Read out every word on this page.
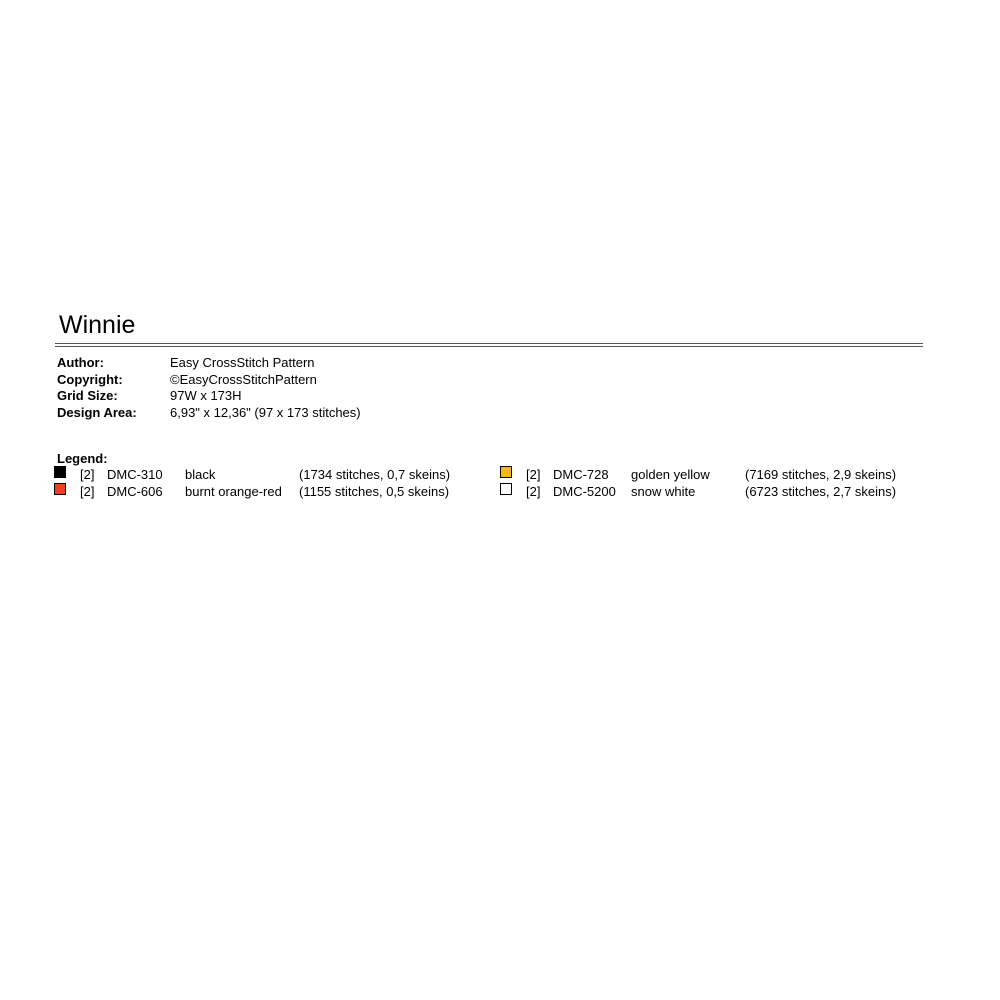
Winnie
Author:	Easy CrossStitch Pattern
Copyright:	©EasyCrossStitchPattern
Grid Size:	97W x 173H
Design Area:	6,93" x 12,36" (97 x 173 stitches)
Legend:
[2] DMC-310 black	(1734 stitches, 0,7 skeins)
[2] DMC-606 burnt orange-red (1155 stitches, 0,5 skeins)
[2] DMC-728 golden yellow	(7169 stitches, 2,9 skeins)
[2] DMC-5200 snow white	(6723 stitches, 2,7 skeins)
